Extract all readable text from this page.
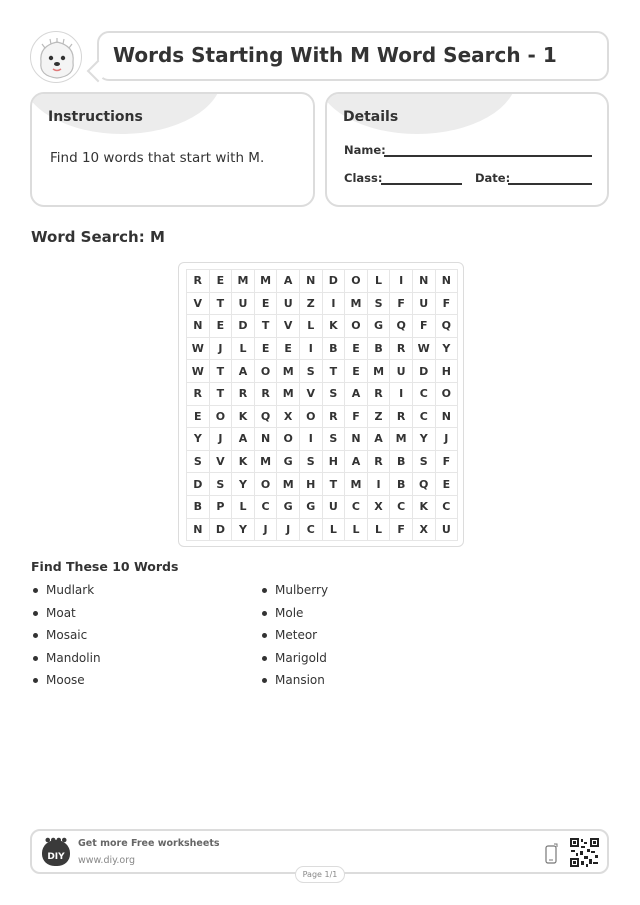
Words Starting With M Word Search - 1
Instructions
Find 10 words that start with M.
Details
Name:
Class:	Date:
Word Search: M
R	E	M	M	A	N	D	O	L	I	N	N
V	T	U	E	U	Z	I	M	S	F	U	F
N	E	D	T	V	L	K	O	G	Q	F	Q
W	J	L	E	E	I	B	E	B	R	W	Y
W	T	A	O	M	S	T	E	M	U	D	H
R	T	R	R	M	V	S	A	R	I	C	O
E	O	K	Q	X	O	R	F	Z	R	C	N
Y	J	A	N	O	I	S	N	A	M	Y	J
S	V	K	M	G	S	H	A	R	B	S	F
D	S	Y	O	M	H	T	M	I	B	Q	E
B	P	L	C	G	G	U	C	X	C	K	C
N	D	Y	J	J	C	L	L	L	F	X	U
Find These 10 Words
Mudlark
Moat
Mosaic
Mandolin
Moose
Mulberry
Mole
Meteor
Marigold
Mansion
DIY
Get more Free worksheets
www.diy.org
Page 1/1
